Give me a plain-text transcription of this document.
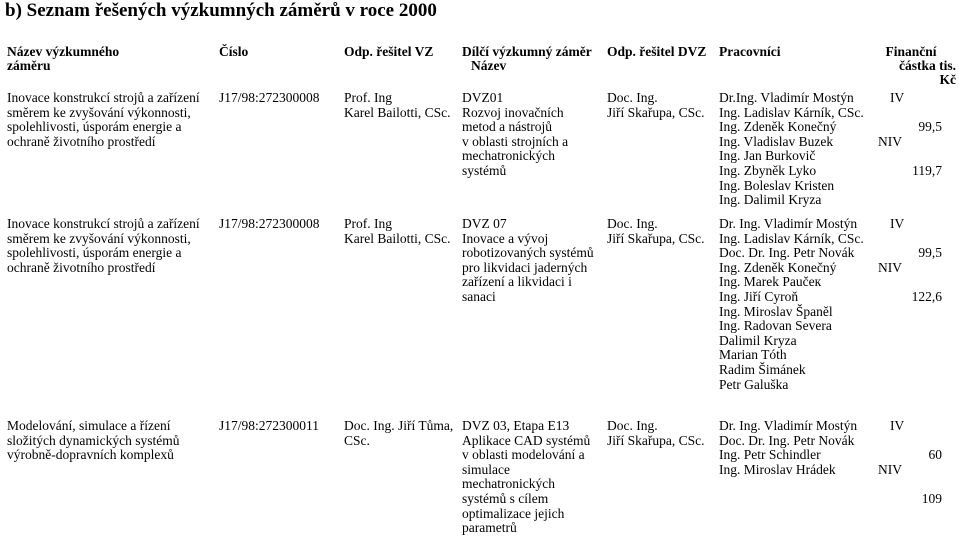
b) Seznam řešených výzkumných záměrů v roce 2000
Název výzkumného
záměru
Číslo	Odp. řešitel VZ Dílčí výzkumný záměr
Název
Odp. řešitel DVZ Pracovníci	Finanční
částka tis.
Kč
Inovace konstrukcí strojů a zařízení
směrem ke zvyšování výkonnosti,
spolehlivosti, úsporám energie a
ochraně životního prostředí
J17/98:272300008 Prof. Ing
Karel Bailotti, CSc.
DVZ01
Rozvoj inovačních
metod a nástrojů
v oblasti strojních a
mechatronických
systémů
Doc. Ing.
Jiří Skařupa, CSc.
Dr.Ing. Vladimír Mostýn
Ing. Ladislav Kárník, CSc.
Ing. Zdeněk Konečný
Ing. Vladislav Buzek
Ing. Jan Burkovič
Ing. Zbyněk Lyko
Ing. Boleslav Kristen
Ing. Dalimil Kryza
IV
99,5
NIV
119,7
Inovace konstrukcí strojů a zařízení
směrem ke zvyšování výkonnosti,
spolehlivosti, úsporám energie a
ochraně životního prostředí
J17/98:272300008 Prof. Ing
Karel Bailotti, CSc.
DVZ 07
Inovace a vývoj
robotizovaných systémů
pro likvidaci jaderných
zařízení a likvidaci i
sanaci
Doc. Ing.
Jiří Skařupa, CSc.
Dr. Ing. Vladimír Mostýn
Ing. Ladislav Kárník, CSc.
Doc. Dr. Ing. Petr Novák
Ing. Zdeněk Konečný
Ing. Marek Paučeк
Ing. Jiří Cyroň
Ing. Miroslav Španěl
Ing. Radovan Severa
Dalimil Kryza
Marian Tóth
Radim Šimánek
Petr Galuška
IV
99,5
NIV
122,6
Modelování, simulace a řízení
složitých dynamických systémů
výrobně-dopravních komplexů
J17/98:272300011 Doc. Ing. Jiří Tůma,
CSc.
DVZ 03, Etapa E13
Aplikace CAD systémů
v oblasti modelování a
simulace
mechatronických
systémů s cílem
optimalizace jejich
parametrů
Doc. Ing.
Jiří Skařupa, CSc.
Dr. Ing. Vladimír Mostýn
Doc. Dr. Ing. Petr Novák
Ing. Petr Schindler
Ing. Miroslav Hrádek
IV
60
NIV
109
